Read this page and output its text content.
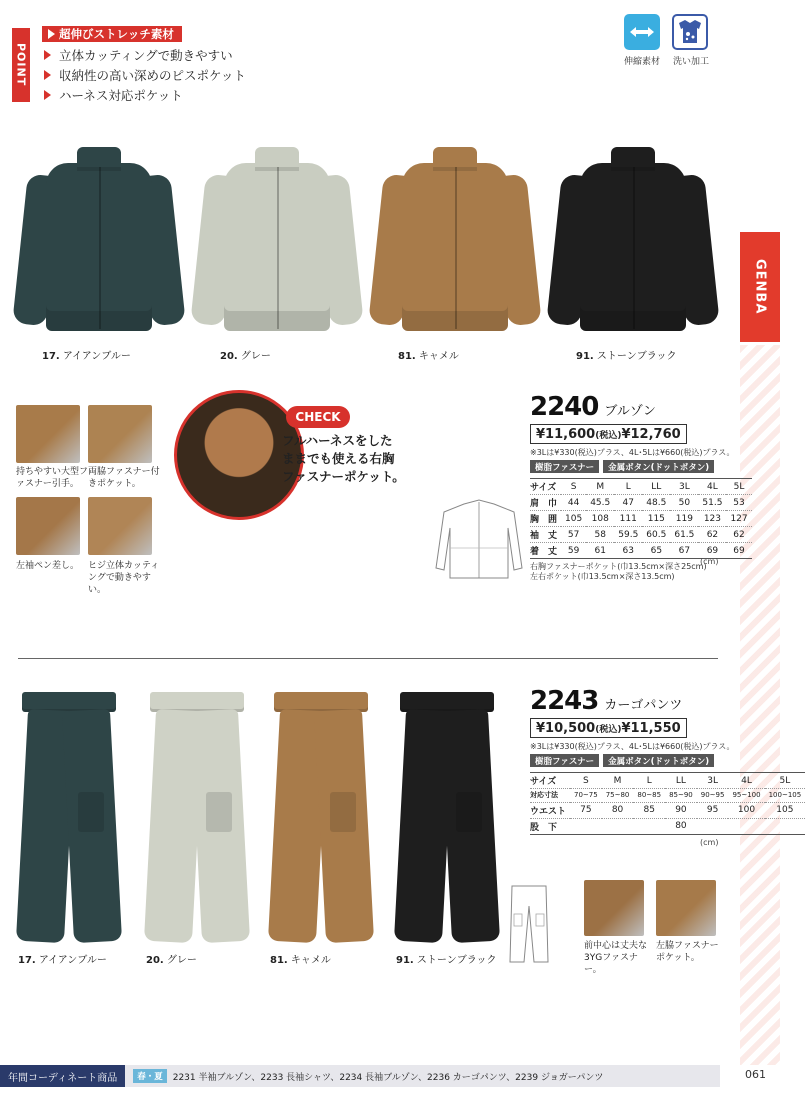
POINT
超伸びストレッチ素材
立体カッティングで動きやすい
収納性の高い深めのピスポケット
ハーネス対応ポケット
伸縮素材	洗い加工
GENBA
17. アイアンブルー	20. グレー	81. キャメル	91. ストーンブラック
持ちやすい大型ファスナー引手。
両脇ファスナー付きポケット。
左袖ペン差し。 ヒジ立体カッティングで動きやすい。
CHECK
フルハーネスをした
ままでも使える右胸
ファスナーポケット。
2240 ブルゾン
¥11,600 (税込) ¥12,760
※3Lは¥330(税込)プラス、4L･5Lは¥660(税込)プラス。
樹脂ファスナー	金属ボタン(ドットボタン)
サイズ	S	M	L	LL	3L	4L	5L
肩　巾	44	45.5	47	48.5	50	51.5	53
胸　囲	105	108	111	115	119	123	127
袖　丈	57	58	59.5	60.5	61.5	62	62
着　丈	59	61	63	65	67	69	69
(cm)
右胸ファスナーポケット(巾13.5cm×深さ25cm)
左右ポケット(巾13.5cm×深さ13.5cm)
17. アイアンブルー	20. グレー	81. キャメル	91. ストーンブラック
2243 カーゴパンツ
¥10,500 (税込) ¥11,550
※3Lは¥330(税込)プラス、4L･5Lは¥660(税込)プラス。
樹脂ファスナー	金属ボタン(ドットボタン)
サイズ	S	M	L	LL	3L	4L	5L
対応寸法	70~75	75~80	80~85	85~90	90~95	95~100	100~105
ウエスト	75	80	85	90	95	100	105
股　下				80			
(cm)
前中心は丈夫な3YGファスナー。
左脇ファスナーポケット。
年間コーディネート商品	春・夏	2231 半袖ブルゾン、2233 長袖シャツ、2234 長袖ブルゾン、2236 カーゴパンツ、2239 ジョガーパンツ	061
